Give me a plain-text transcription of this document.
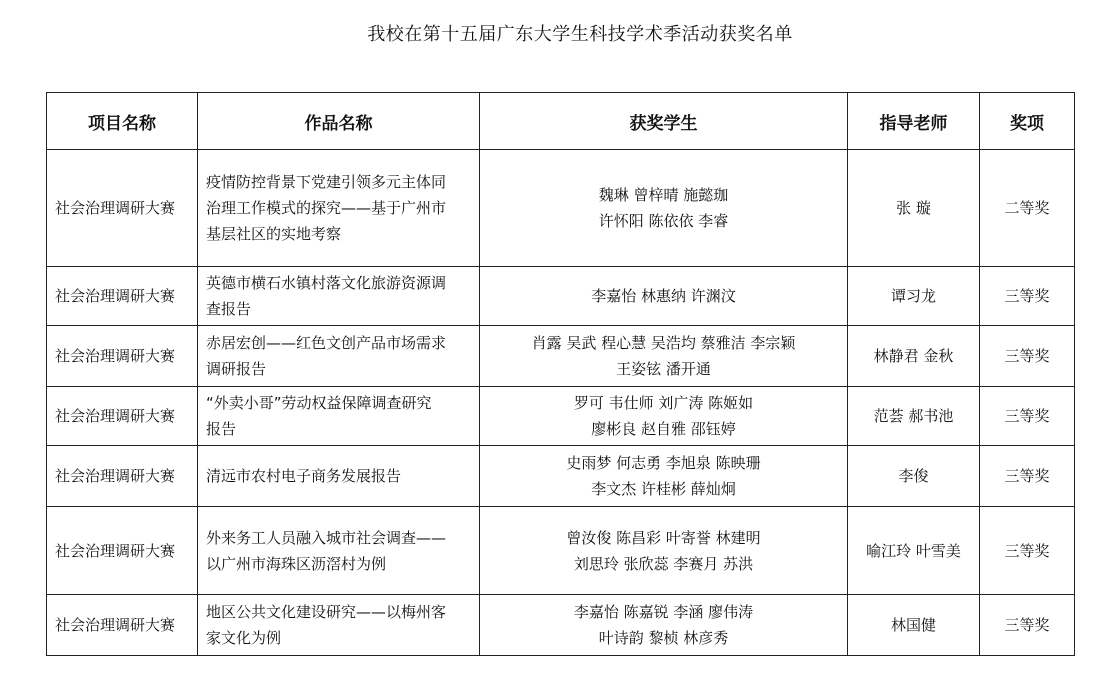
我校在第十五届广东大学生科技学术季活动获奖名单
项目名称	作品名称	获奖学生	指导老师	奖项
社会治理调研大赛	疫情防控背景下党建引领多元主体同
治理工作模式的探究——基于广州市
基层社区的实地考察	魏琳 曾梓晴 施懿珈
许怀阳 陈依依 李睿	张 璇	二等奖
社会治理调研大赛	英德市横石水镇村落文化旅游资源调
查报告	李嘉怡 林惠纳 许渊汶	谭习龙	三等奖
社会治理调研大赛	赤居宏创——红色文创产品市场需求
调研报告	肖露 吴武 程心慧 吴浩均 蔡雅洁 李宗颖
王姿铉 潘开通	林静君 金秋	三等奖
社会治理调研大赛	“外卖小哥”劳动权益保障调查研究
报告	罗可 韦仕师 刘广涛 陈姬如
廖彬良 赵自雅 邵钰婷	范荟 郝书池	三等奖
社会治理调研大赛	清远市农村电子商务发展报告	史雨梦 何志勇 李旭泉 陈映珊
李文杰 许桂彬 薛灿炯	李俊	三等奖
社会治理调研大赛	外来务工人员融入城市社会调查——
以广州市海珠区沥滘村为例	曾汝俊 陈昌彩 叶寄誉 林建明
刘思玲 张欣蕊 李赛月 苏洪	喻江玲 叶雪美	三等奖
社会治理调研大赛	地区公共文化建设研究——以梅州客
家文化为例	李嘉怡 陈嘉锐 李涵 廖伟涛
叶诗韵 黎桢 林彦秀	林国健	三等奖
